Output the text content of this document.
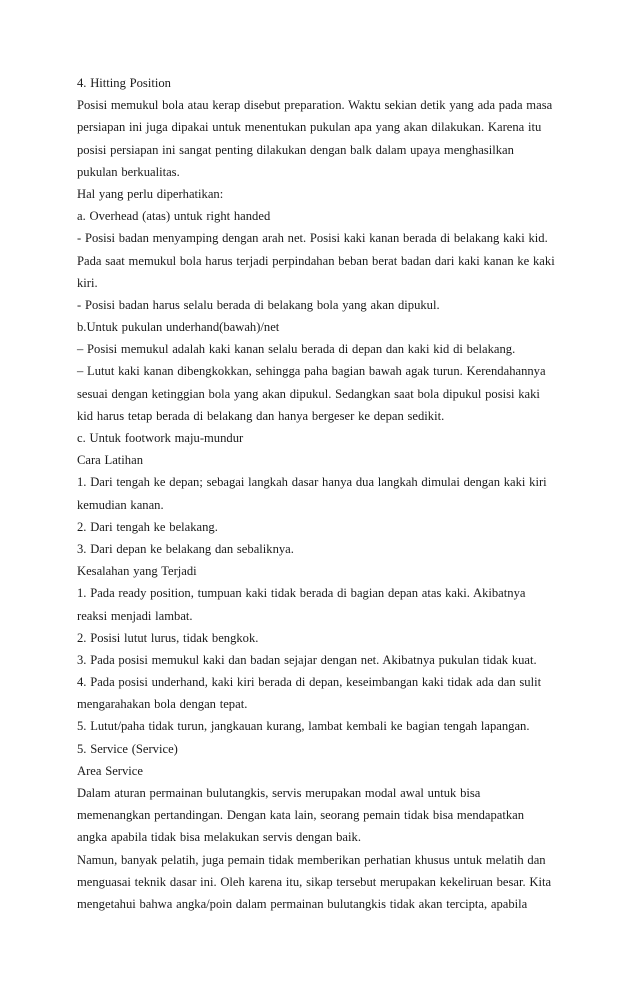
4. Hitting Position
Posisi memukul bola atau kerap disebut preparation. Waktu sekian detik yang ada pada masa
persiapan ini juga dipakai untuk menentukan pukulan apa yang akan dilakukan. Karena itu
posisi persiapan ini sangat penting dilakukan dengan balk dalam upaya menghasilkan
pukulan berkualitas.
Hal yang perlu diperhatikan:
a. Overhead (atas) untuk right handed
- Posisi badan menyamping dengan arah net. Posisi kaki kanan berada di belakang kaki kid.
Pada saat memukul bola harus terjadi perpindahan beban berat badan dari kaki kanan ke kaki
kiri.
- Posisi badan harus selalu berada di belakang bola yang akan dipukul.
b.Untuk pukulan underhand(bawah)/net
– Posisi memukul adalah kaki kanan selalu berada di depan dan kaki kid di belakang.
– Lutut kaki kanan dibengkokkan, sehingga paha bagian bawah agak turun. Kerendahannya
sesuai dengan ketinggian bola yang akan dipukul. Sedangkan saat bola dipukul posisi kaki
kid harus tetap berada di belakang dan hanya bergeser ke depan sedikit.
c. Untuk footwork maju-mundur
Cara Latihan
1. Dari tengah ke depan; sebagai langkah dasar hanya dua langkah dimulai dengan kaki kiri
kemudian kanan.
2. Dari tengah ke belakang.
3. Dari depan ke belakang dan sebaliknya.
Kesalahan yang Terjadi
1. Pada ready position, tumpuan kaki tidak berada di bagian depan atas kaki. Akibatnya
reaksi menjadi lambat.
2. Posisi lutut lurus, tidak bengkok.
3. Pada posisi memukul kaki dan badan sejajar dengan net. Akibatnya pukulan tidak kuat.
4. Pada posisi underhand, kaki kiri berada di depan, keseimbangan kaki tidak ada dan sulit
mengarahakan bola dengan tepat.
5. Lutut/paha tidak turun, jangkauan kurang, lambat kembali ke bagian tengah lapangan.
5. Service (Service)
Area Service
Dalam aturan permainan bulutangkis, servis merupakan modal awal untuk bisa
memenangkan pertandingan. Dengan kata lain, seorang pemain tidak bisa mendapatkan
angka apabila tidak bisa melakukan servis dengan baik.
Namun, banyak pelatih, juga pemain tidak memberikan perhatian khusus untuk melatih dan
menguasai teknik dasar ini. Oleh karena itu, sikap tersebut merupakan kekeliruan besar. Kita
mengetahui bahwa angka/poin dalam permainan bulutangkis tidak akan tercipta, apabila
